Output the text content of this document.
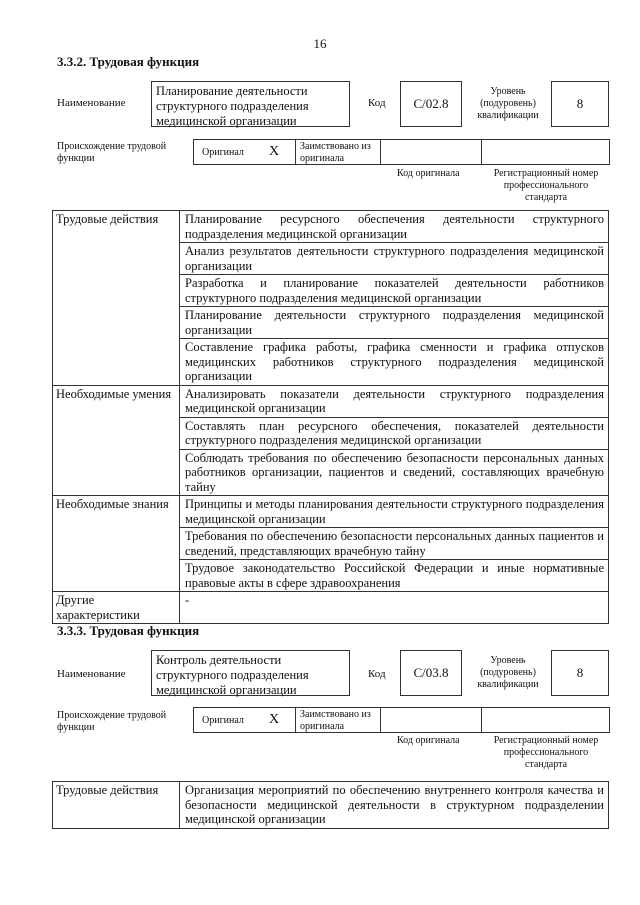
16
3.3.2. Трудовая функция
Наименование
Планирование деятельности структурного подразделения медицинской организации
Код	С/02.8
Уровень (подуровень) квалификации
8
Происхождение трудовой функции
Оригинал X Заимствовано из оригинала
Код оригинала	Регистрационный номер профессионального стандарта
Трудовые действия	Планирование ресурсного обеспечения деятельности структурного подразделения медицинской организации
	Анализ результатов деятельности структурного подразделения медицинской организации
	Разработка и планирование показателей деятельности работников структурного подразделения медицинской организации
	Планирование деятельности структурного подразделения медицинской организации
	Составление графика работы, графика сменности и графика отпусков медицинских работников структурного подразделения медицинской организации
Необходимые умения	Анализировать показатели деятельности структурного подразделения медицинской организации
	Составлять план ресурсного обеспечения, показателей деятельности структурного подразделения медицинской организации
	Соблюдать требования по обеспечению безопасности персональных данных работников организации, пациентов и сведений, составляющих врачебную тайну
Необходимые знания	Принципы и методы планирования деятельности структурного подразделения медицинской организации
	Требования по обеспечению безопасности персональных данных пациентов и сведений, представляющих врачебную тайну
	Трудовое законодательство Российской Федерации и иные нормативные правовые акты в сфере здравоохранения
Другие характеристики	-
3.3.3. Трудовая функция
Наименование
Контроль деятельности структурного подразделения медицинской организации
Код	С/03.8
Уровень (подуровень) квалификации
8
Происхождение трудовой функции
Оригинал X Заимствовано из оригинала
Код оригинала	Регистрационный номер профессионального стандарта
Трудовые действия	Организация мероприятий по обеспечению внутреннего контроля качества и безопасности медицинской деятельности в структурном подразделении медицинской организации
